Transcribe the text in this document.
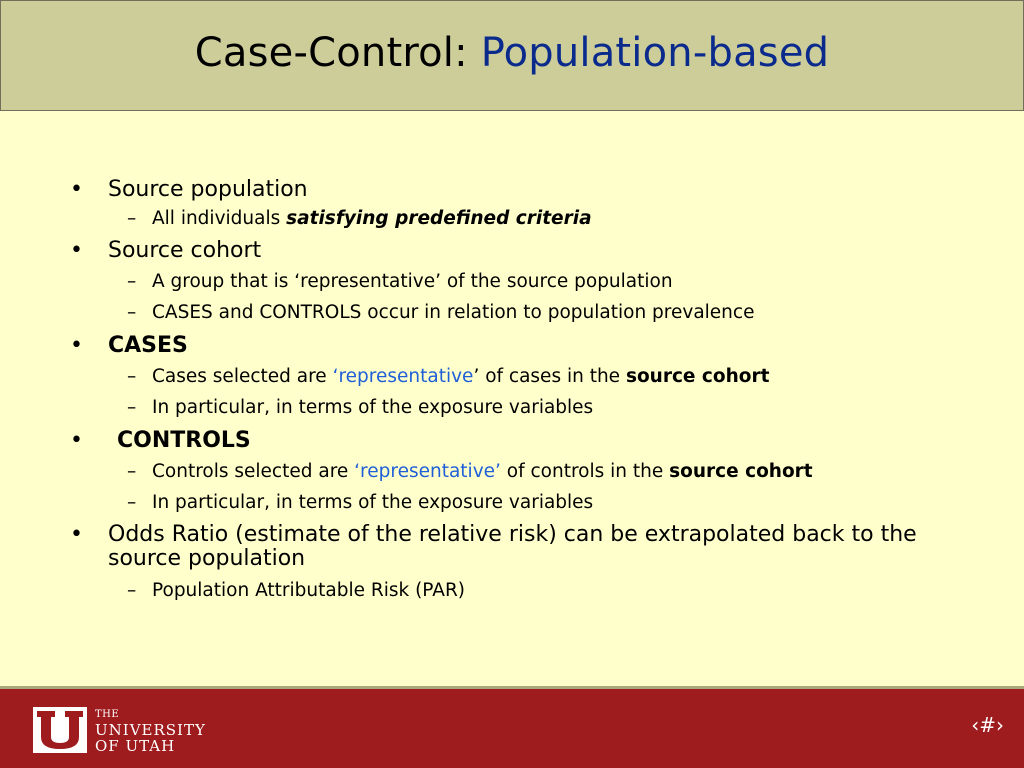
Case-Control: Population-based
• Source population
– All individuals satisfying predefined criteria
• Source cohort
– A group that is ‘representative’ of the source population
– CASES and CONTROLS occur in relation to population prevalence
• CASES
– Cases selected are ‘representative’ of cases in the source cohort
– In particular, in terms of the exposure variables
• CONTROLS
– Controls selected are ‘representative’ of controls in the source cohort
– In particular, in terms of the exposure variables
• Odds Ratio (estimate of the relative risk) can be extrapolated back to the source population
– Population Attributable Risk (PAR)
THE
UNIVERSITY
OF UTAH
‹#›
